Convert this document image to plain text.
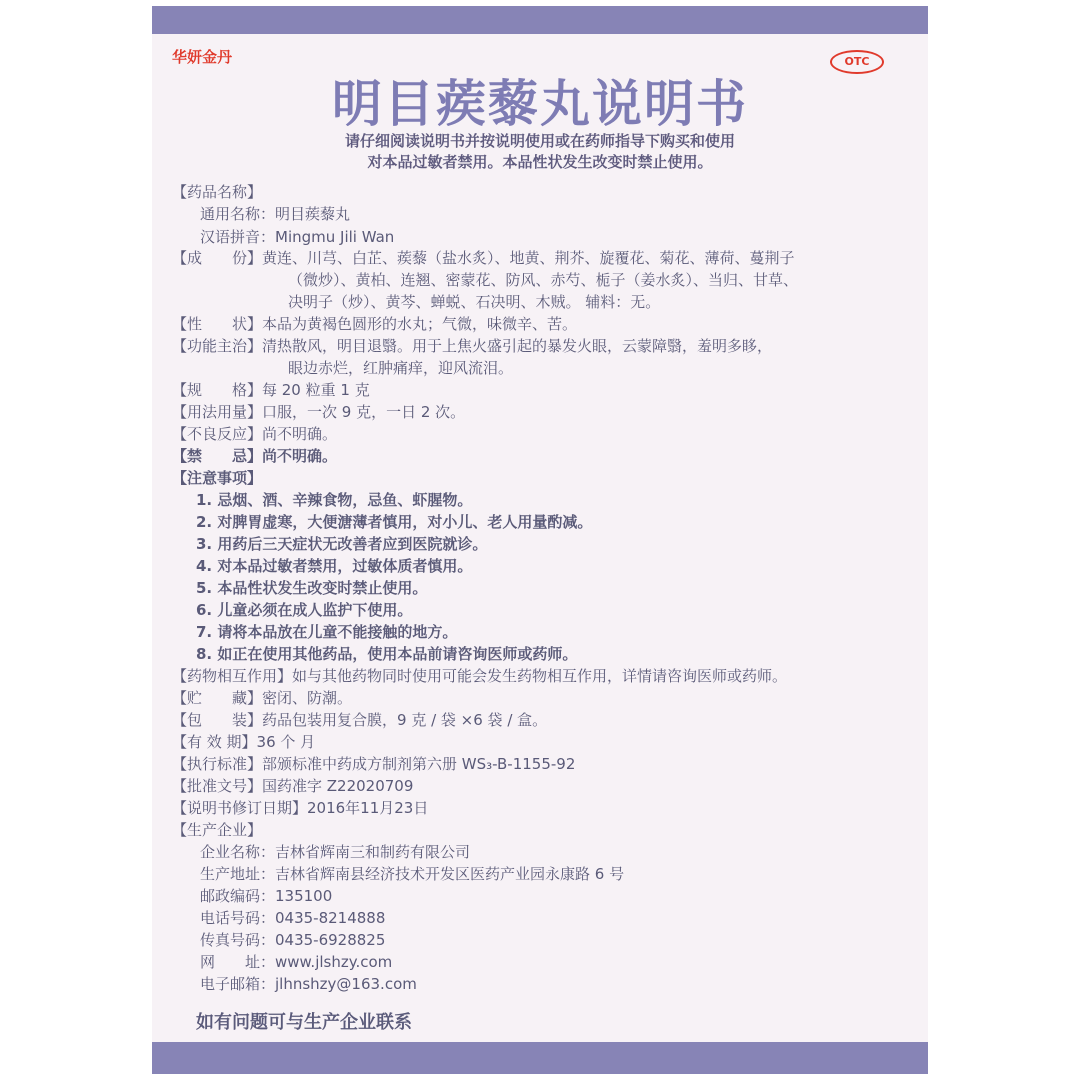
华妍金丹	OTC
明目蒺藜丸说明书
请仔细阅读说明书并按说明使用或在药师指导下购买和使用
对本品过敏者禁用。本品性状发生改变时禁止使用。
【药品名称】
通用名称：明目蒺藜丸
汉语拼音：Mingmu Jili Wan
【成　　份】黄连、川芎、白芷、蒺藜（盐水炙）、地黄、荆芥、旋覆花、菊花、薄荷、蔓荆子
（微炒）、黄柏、连翘、密蒙花、防风、赤芍、栀子（姜水炙）、当归、甘草、
决明子（炒）、黄芩、蝉蜕、石决明、木贼。 辅料：无。
【性　　状】本品为黄褐色圆形的水丸；气微，味微辛、苦。
【功能主治】清热散风，明目退翳。用于上焦火盛引起的暴发火眼，云蒙障翳，羞明多眵，
眼边赤烂，红肿痛痒，迎风流泪。
【规　　格】每 20 粒重 1 克
【用法用量】口服，一次 9 克，一日 2 次。
【不良反应】尚不明确。
【禁　　忌】尚不明确。
【注意事项】
1. 忌烟、酒、辛辣食物，忌鱼、虾腥物。
2. 对脾胃虚寒，大便溏薄者慎用，对小儿、老人用量酌减。
3. 用药后三天症状无改善者应到医院就诊。
4. 对本品过敏者禁用，过敏体质者慎用。
5. 本品性状发生改变时禁止使用。
6. 儿童必须在成人监护下使用。
7. 请将本品放在儿童不能接触的地方。
8. 如正在使用其他药品，使用本品前请咨询医师或药师。
【药物相互作用】如与其他药物同时使用可能会发生药物相互作用，详情请咨询医师或药师。
【贮　　藏】密闭、防潮。
【包　　装】药品包装用复合膜，9 克 / 袋 ×6 袋 / 盒。
【有 效 期】36 个 月
【执行标准】部颁标准中药成方制剂第六册 WS₃-B-1155-92
【批准文号】国药准字 Z22020709
【说明书修订日期】2016年11月23日
【生产企业】
企业名称：吉林省辉南三和制药有限公司
生产地址：吉林省辉南县经济技术开发区医药产业园永康路 6 号
邮政编码：135100
电话号码：0435-8214888
传真号码：0435-6928825
网　　址：www.jlshzy.com
电子邮箱：jlhnshzy@163.com
如有问题可与生产企业联系
